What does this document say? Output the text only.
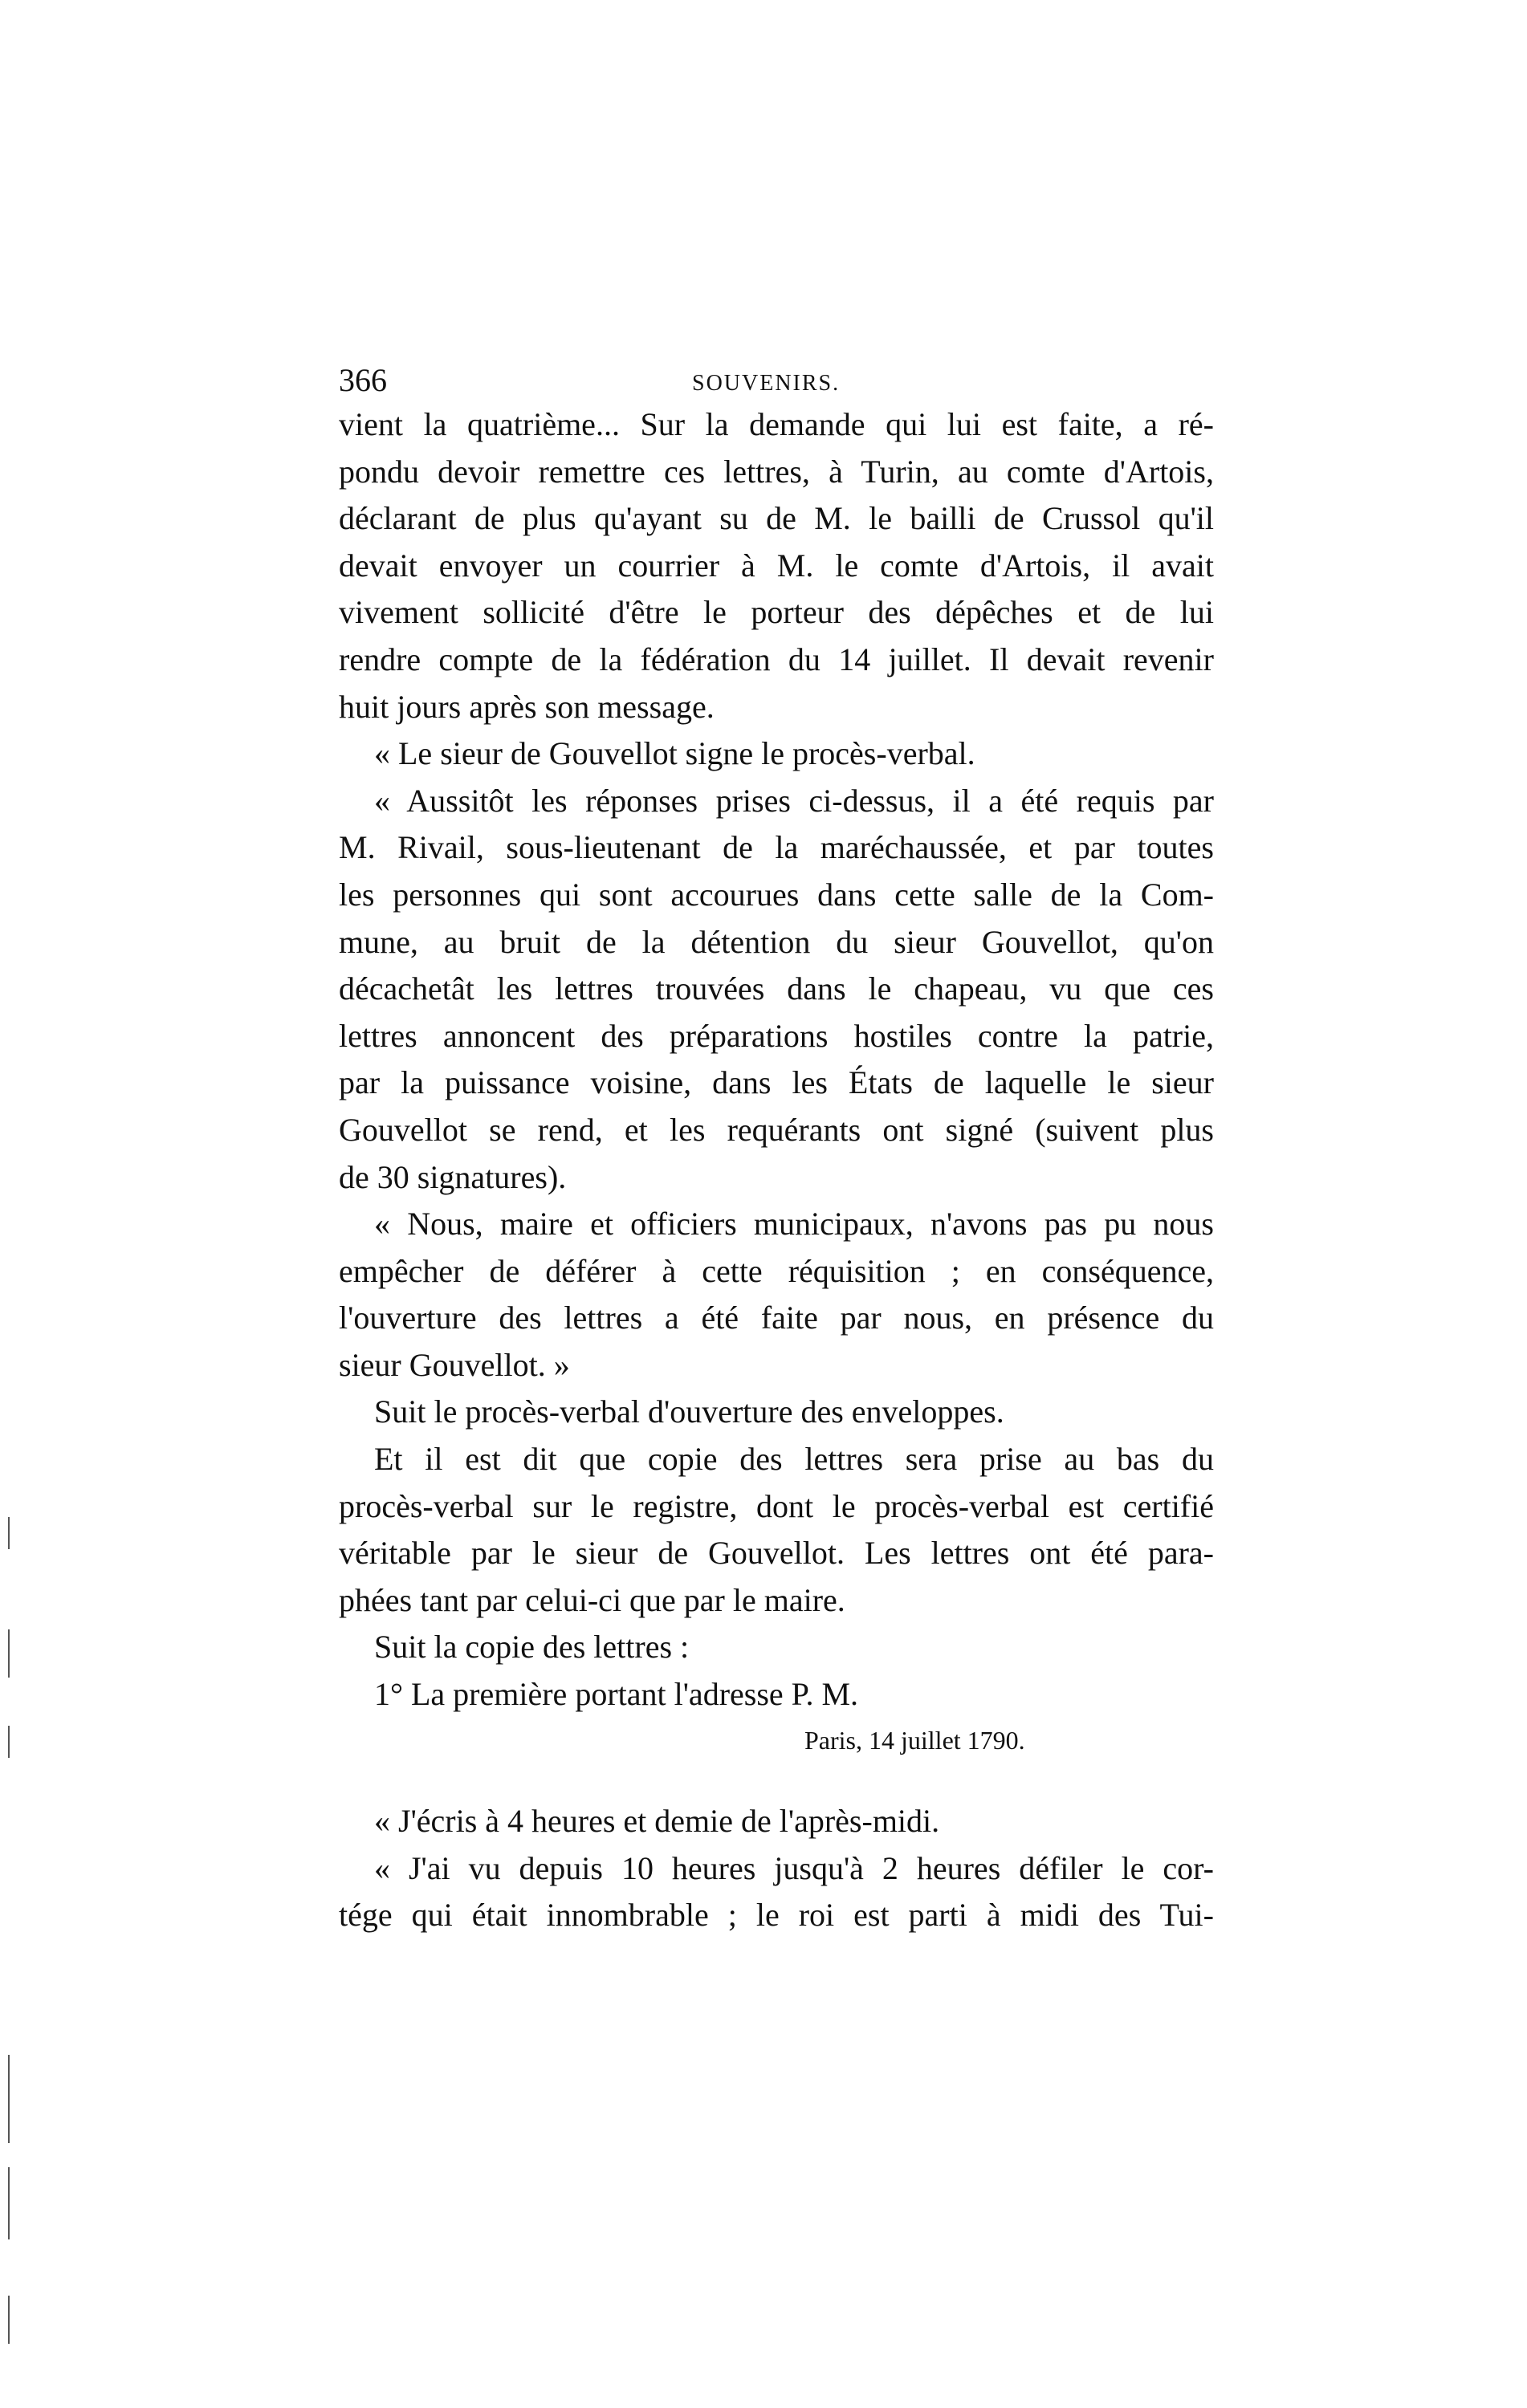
366	SOUVENIRS.
vient la quatrième... Sur la demande qui lui est faite, a ré-
pondu devoir remettre ces lettres, à Turin, au comte d'Artois,
déclarant de plus qu'ayant su de M. le bailli de Crussol qu'il
devait envoyer un courrier à M. le comte d'Artois, il avait
vivement sollicité d'être le porteur des dépêches et de lui
rendre compte de la fédération du 14 juillet. Il devait revenir
huit jours après son message.
« Le sieur de Gouvellot signe le procès-verbal.
« Aussitôt les réponses prises ci-dessus, il a été requis par
M. Rivail, sous-lieutenant de la maréchaussée, et par toutes
les personnes qui sont accourues dans cette salle de la Com-
mune, au bruit de la détention du sieur Gouvellot, qu'on
décachetât les lettres trouvées dans le chapeau, vu que ces
lettres annoncent des préparations hostiles contre la patrie,
par la puissance voisine, dans les États de laquelle le sieur
Gouvellot se rend, et les requérants ont signé (suivent plus
de 30 signatures).
« Nous, maire et officiers municipaux, n'avons pas pu nous
empêcher de déférer à cette réquisition ; en conséquence,
l'ouverture des lettres a été faite par nous, en présence du
sieur Gouvellot. »
Suit le procès-verbal d'ouverture des enveloppes.
Et il est dit que copie des lettres sera prise au bas du
procès-verbal sur le registre, dont le procès-verbal est certifié
véritable par le sieur de Gouvellot. Les lettres ont été para-
phées tant par celui-ci que par le maire.
Suit la copie des lettres :
1° La première portant l'adresse P. M.
Paris, 14 juillet 1790.
« J'écris à 4 heures et demie de l'après-midi.
« J'ai vu depuis 10 heures jusqu'à 2 heures défiler le cor-
tége qui était innombrable ; le roi est parti à midi des Tui-
